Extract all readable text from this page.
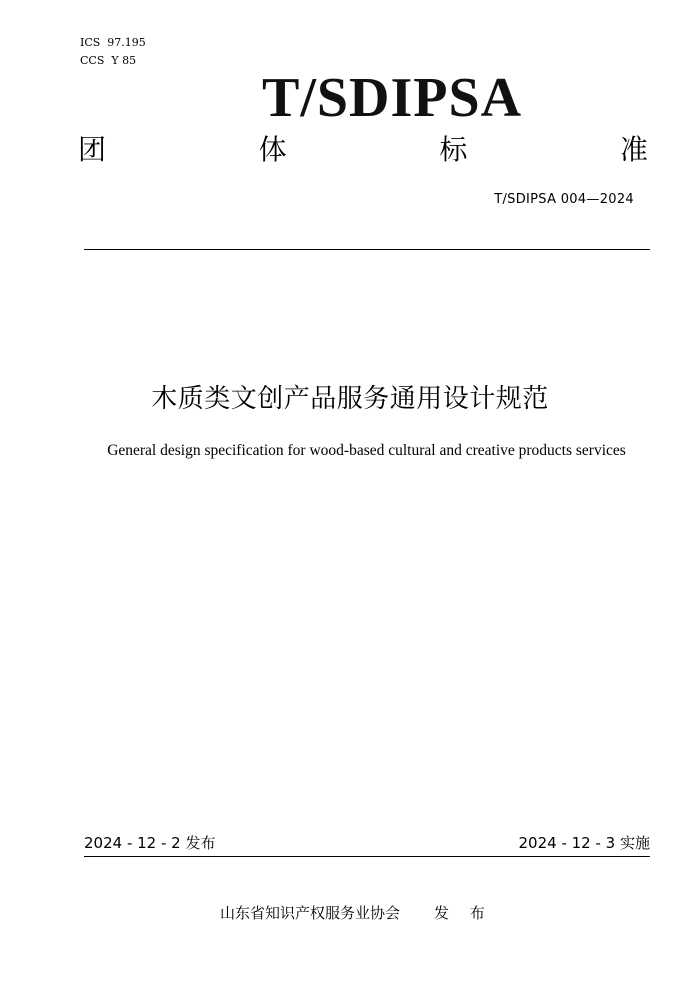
ICS  97.195
CCS  Y 85
T/SDIPSA
团	体	标	准
T/SDIPSA 004—2024
木质类文创产品服务通用设计规范
General design specification for wood-based cultural and creative products services
2024 - 12 - 2 发布	2024 - 12 - 3 实施
山东省知识产权服务业协会 发 布
